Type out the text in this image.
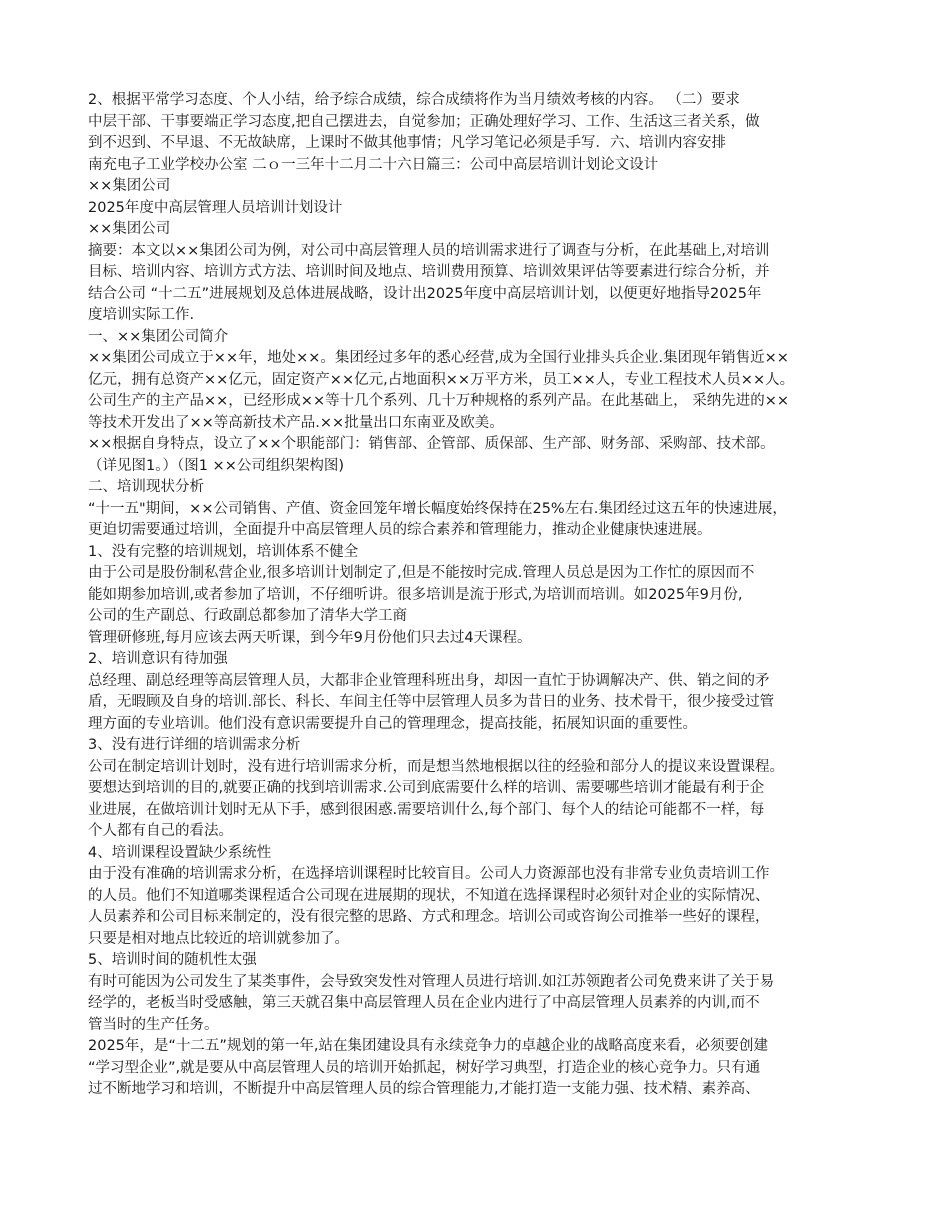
2、根据平常学习态度、个人小结，给予综合成绩，综合成绩将作为当月绩效考核的内容。 （二）要求
中层干部、干事要端正学习态度,把自己摆进去，自觉参加；正确处理好学习、工作、生活这三者关系，做
到不迟到、不早退、不无故缺席，上课时不做其他事情；凡学习笔记必须是手写．六、培训内容安排
南充电子工业学校办公室 二ｏ一三年十二月二十六日篇三：公司中高层培训计划论文设计
××集团公司
2025年度中高层管理人员培训计划设计
××集团公司
摘要：本文以××集团公司为例，对公司中高层管理人员的培训需求进行了调查与分析，在此基础上,对培训
目标、培训内容、培训方式方法、培训时间及地点、培训费用预算、培训效果评估等要素进行综合分析，并
结合公司 “十二五”进展规划及总体进展战略，设计出2025年度中高层培训计划，以便更好地指导2025年
度培训实际工作.
一、××集团公司简介
××集团公司成立于××年，地处××。集团经过多年的悉心经营,成为全国行业排头兵企业.集团现年销售近××
亿元，拥有总资产××亿元，固定资产××亿元,占地面积××万平方米，员工××人，专业工程技术人员××人。
公司生产的主产品××，已经形成××等十几个系列、几十万种规格的系列产品。在此基础上， 采纳先进的××
等技术开发出了××等高新技术产品.××批量出口东南亚及欧美。
××根据自身特点，设立了××个职能部门：销售部、企管部、质保部、生产部、财务部、采购部、技术部。
（详见图1。）（图1 ××公司组织架构图)
二、培训现状分析
“十一五"期间，××公司销售、产值、资金回笼年增长幅度始终保持在25%左右.集团经过这五年的快速进展，
更迫切需要通过培训，全面提升中高层管理人员的综合素养和管理能力，推动企业健康快速进展。
1、没有完整的培训规划，培训体系不健全
由于公司是股份制私营企业,很多培训计划制定了,但是不能按时完成.管理人员总是因为工作忙的原因而不
能如期参加培训,或者参加了培训，不仔细听讲。很多培训是流于形式,为培训而培训。如2025年9月份,
公司的生产副总、行政副总都参加了清华大学工商
管理研修班,每月应该去两天听课，到今年9月份他们只去过4天课程。
2、培训意识有待加强
总经理、副总经理等高层管理人员，大都非企业管理科班出身，却因一直忙于协调解决产、供、销之间的矛
盾，无暇顾及自身的培训.部长、科长、车间主任等中层管理人员多为昔日的业务、技术骨干，很少接受过管
理方面的专业培训。他们没有意识需要提升自己的管理理念，提高技能，拓展知识面的重要性。
3、没有进行详细的培训需求分析
公司在制定培训计划时，没有进行培训需求分析，而是想当然地根据以往的经验和部分人的提议来设置课程。
要想达到培训的目的,就要正确的找到培训需求.公司到底需要什么样的培训、需要哪些培训才能最有利于企
业进展，在做培训计划时无从下手，感到很困惑.需要培训什么,每个部门、每个人的结论可能都不一样，每
个人都有自己的看法。
4、培训课程设置缺少系统性
由于没有准确的培训需求分析，在选择培训课程时比较盲目。公司人力资源部也没有非常专业负责培训工作
的人员。他们不知道哪类课程适合公司现在进展期的现状，不知道在选择课程时必须针对企业的实际情况、
人员素养和公司目标来制定的，没有很完整的思路、方式和理念。培训公司或咨询公司推举一些好的课程，
只要是相对地点比较近的培训就参加了。
5、培训时间的随机性太强
有时可能因为公司发生了某类事件，会导致突发性对管理人员进行培训.如江苏领跑者公司免费来讲了关于易
经学的，老板当时受感触，第三天就召集中高层管理人员在企业内进行了中高层管理人员素养的内训,而不
管当时的生产任务。
2025年，是“十二五”规划的第一年,站在集团建设具有永续竞争力的卓越企业的战略高度来看，必须要创建
“学习型企业”,就是要从中高层管理人员的培训开始抓起，树好学习典型，打造企业的核心竞争力。只有通
过不断地学习和培训，不断提升中高层管理人员的综合管理能力,才能打造一支能力强、技术精、素养高、
